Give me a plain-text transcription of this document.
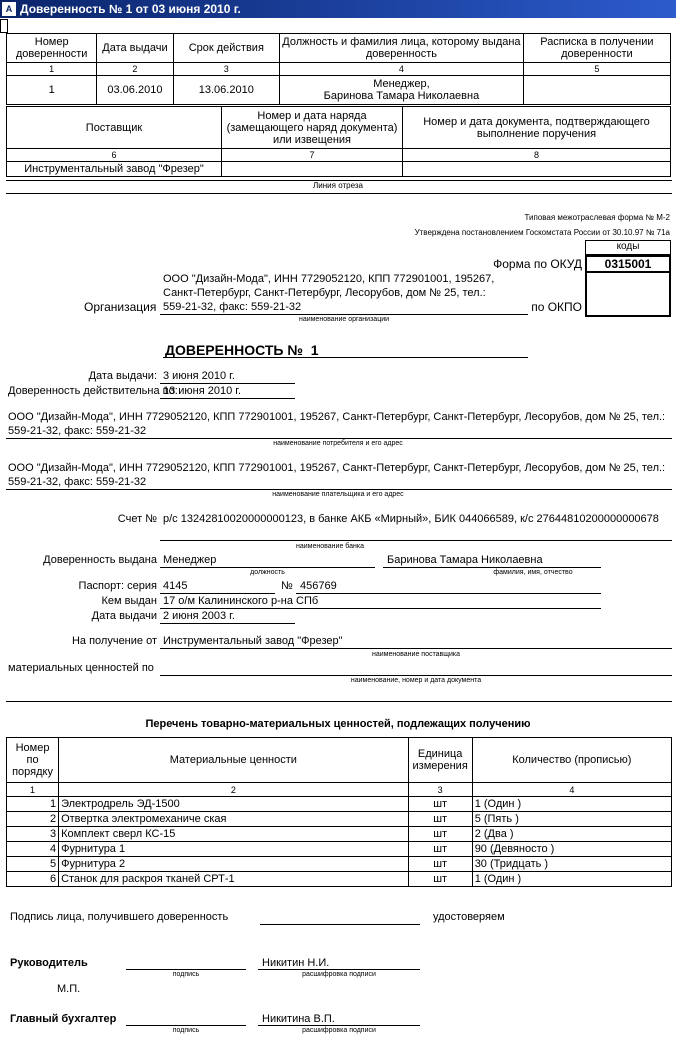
A Доверенность № 1 от 03 июня 2010 г.
Номер доверенности	Дата выдачи	Срок действия	Должность и фамилия лица, которому выдана доверенность	Расписка в получении доверенности
1	2	3	4	5
1	03.06.2010	13.06.2010	Менеджер,
Баринова Тамара Николаевна	
Поставщик	Номер и дата наряда (замещающего наряд документа) или извещения	Номер и дата документа, подтверждающего выполнение поручения
6	7	8
Инструментальный завод "Фрезер"		
Линия отреза
Типовая межотраслевая форма № М-2
Утверждена постановлением Госкомстата России от 30.10.97 № 71а
коды
0315001
Форма по ОКУД
по ОКПО
ООО "Дизайн-Мода", ИНН 7729052120, КПП 772901001, 195267,
Санкт-Петербург, Санкт-Петербург, Лесорубов, дом № 25, тел.:
559-21-32, факс: 559-21-32
Организация
наименование организации
ДОВЕРЕННОСТЬ № 1
Дата выдачи: 3 июня 2010 г.
Доверенность действительна по:
13 июня 2010 г.
ООО "Дизайн-Мода", ИНН 7729052120, КПП 772901001, 195267, Санкт-Петербург, Санкт-Петербург, Лесорубов, дом № 25, тел.:
559-21-32, факс: 559-21-32
наименование потребителя и его адрес
ООО "Дизайн-Мода", ИНН 7729052120, КПП 772901001, 195267, Санкт-Петербург, Санкт-Петербург, Лесорубов, дом № 25, тел.:
559-21-32, факс: 559-21-32
наименование плательщика и его адрес
Счет № р/с 13242810020000000123, в банке АКБ «Мирный», БИК 044066589, к/с 27644810200000000678
наименование банка
Доверенность выдана Менеджер
должность
Баринова Тамара Николаевна
фамилия, имя, отчество
Паспорт: серия 4145	№ 456769
Кем выдан 17 о/м Калининского р-на СПб
Дата выдачи 2 июня 2003 г.
На получение от Инструментальный завод "Фрезер"
наименование поставщика
материальных ценностей по
наименование, номер и дата документа
Перечень товарно-материальных ценностей, подлежащих получению
Номер по порядку	Материальные ценности	Единица измерения	Количество (прописью)
1	2	3	4
1	Электродрель ЭД-1500	шт	1 (Один )
2	Отвертка электромеханиче ская	шт	5 (Пять )
3	Комплект сверл КС-15	шт	2 (Два )
4	Фурнитура 1	шт	90 (Девяносто )
5	Фурнитура 2	шт	30 (Тридцать )
6	Станок для раскроя тканей СРТ-1	шт	1 (Один )
Подпись лица, получившего доверенность	удостоверяем
Руководитель
подпись
Никитин Н.И.
расшифровка подписи
М.П.
Главный бухгалтер
подпись
Никитина В.П.
расшифровка подписи
